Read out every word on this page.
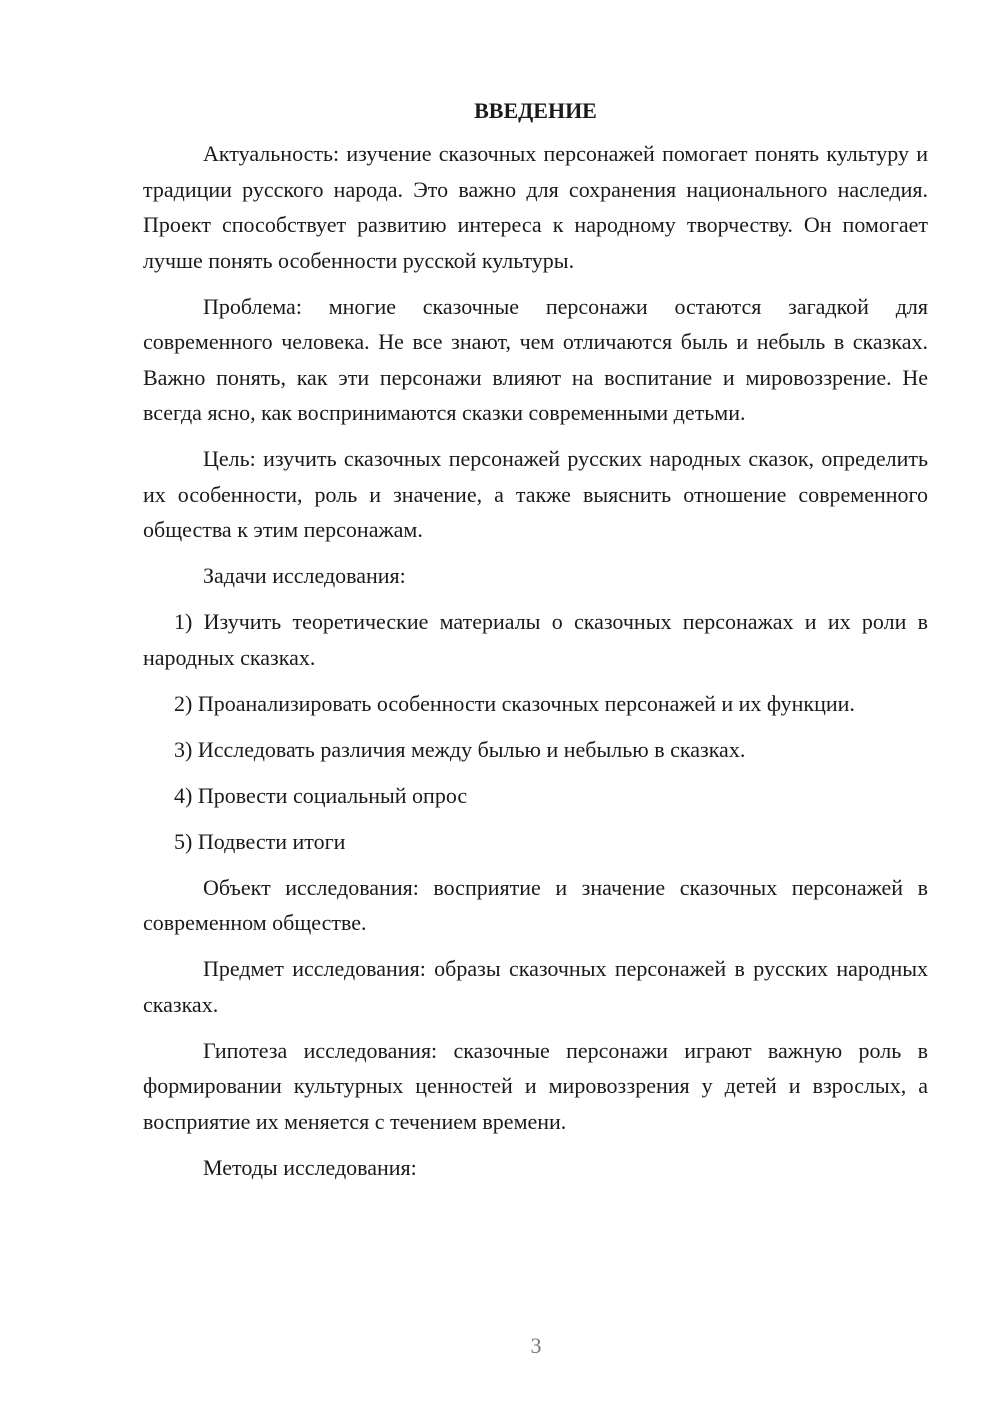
ВВЕДЕНИЕ

Актуальность: изучение сказочных персонажей помогает понять культуру и традиции русского народа. Это важно для сохранения национального наследия. Проект способствует развитию интереса к народному творчеству. Он помогает лучше понять особенности русской культуры.

Проблема: многие сказочные персонажи остаются загадкой для современного человека. Не все знают, чем отличаются быль и небыль в сказках. Важно понять, как эти персонажи влияют на воспитание и мировоззрение. Не всегда ясно, как воспринимаются сказки современными детьми.

Цель: изучить сказочных персонажей русских народных сказок, определить их особенности, роль и значение, а также выяснить отношение современного общества к этим персонажам.

Задачи исследования:

1) Изучить теоретические материалы о сказочных персонажах и их роли в народных сказках.

2) Проанализировать особенности сказочных персонажей и их функции.

3) Исследовать различия между былью и небылью в сказках.

4) Провести социальный опрос

5) Подвести итоги

Объект исследования: восприятие и значение сказочных персонажей в современном обществе.

Предмет исследования: образы сказочных персонажей в русских народных сказках.

Гипотеза исследования: сказочные персонажи играют важную роль в формировании культурных ценностей и мировоззрения у детей и взрослых, а восприятие их меняется с течением времени.

Методы исследования:

3
